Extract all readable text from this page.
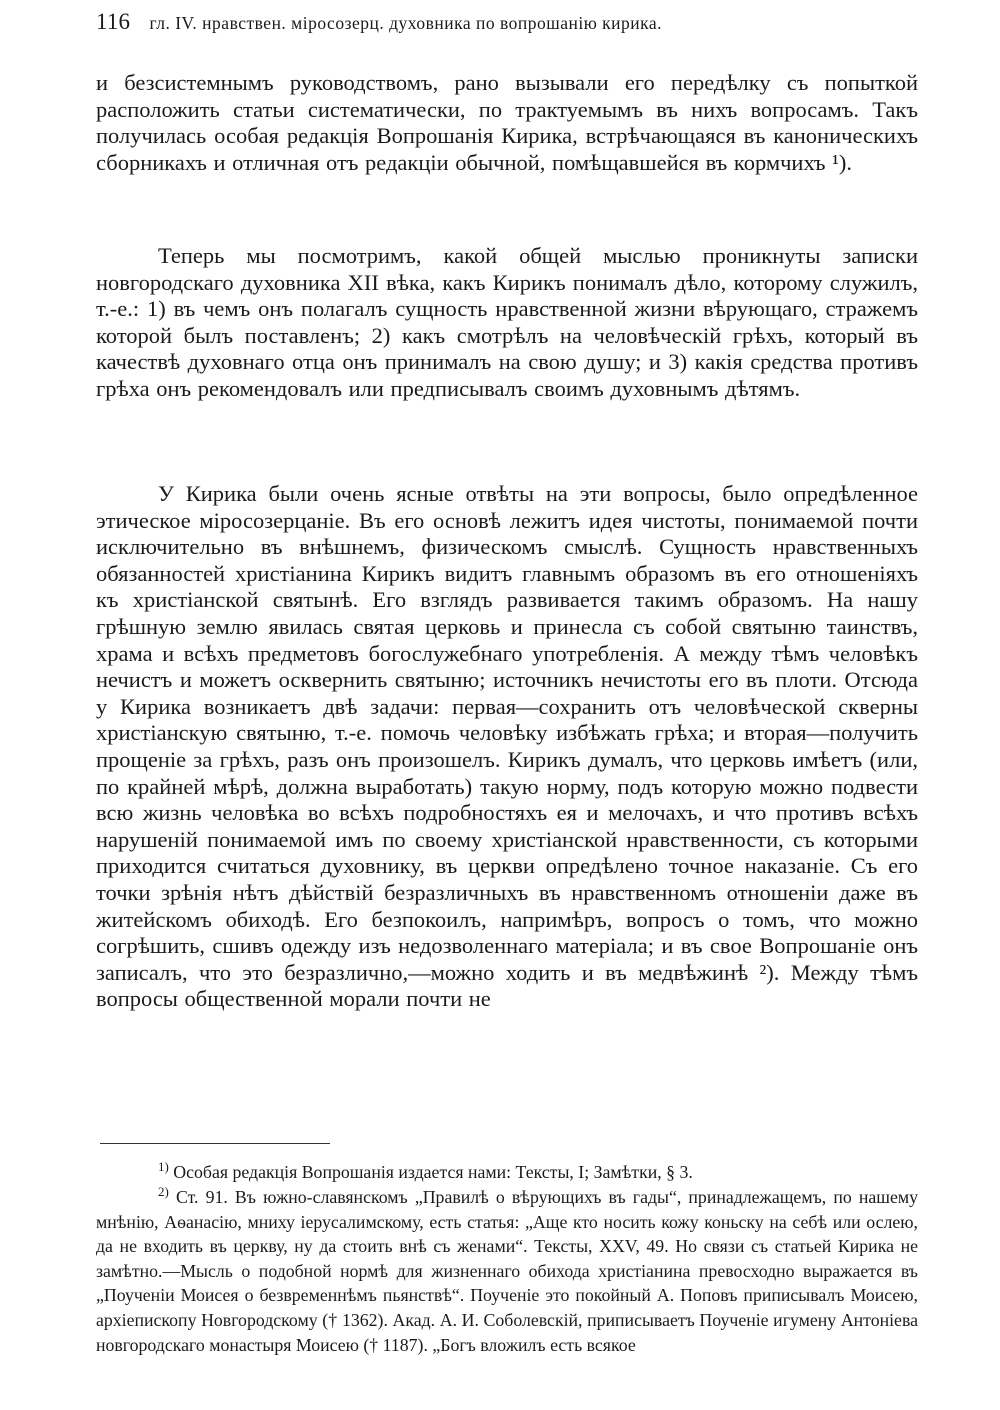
116 гл. IV. нравствен. міросозерц. духовника по вопрошанію кирика.
и безсистемнымъ руководствомъ, рано вызывали его передѣлку съ попыткой расположить статьи систематически, по трактуемымъ въ нихъ вопросамъ. Такъ получилась особая редакція Вопрошанія Кирика, встрѣчающаяся въ каноническихъ сборникахъ и отличная отъ редакціи обычной, помѣщавшейся въ кормчихъ ¹).
Теперь мы посмотримъ, какой общей мыслью проникнуты записки новгородскаго духовника XII вѣка, какъ Кирикъ понималъ дѣло, которому служилъ, т.-е.: 1) въ чемъ онъ полагалъ сущность нравственной жизни вѣрующаго, стражемъ которой былъ поставленъ; 2) какъ смотрѣлъ на человѣческій грѣхъ, который въ качествѣ духовнаго отца онъ принималъ на свою душу; и 3) какія средства противъ грѣха онъ рекомендовалъ или предписывалъ своимъ духовнымъ дѣтямъ.
У Кирика были очень ясные отвѣты на эти вопросы, было опредѣленное этическое міросозерцаніе. Въ его основѣ лежитъ идея чистоты, понимаемой почти исключительно въ внѣшнемъ, физическомъ смыслѣ. Сущность нравственныхъ обязанностей христіанина Кирикъ видитъ главнымъ образомъ въ его отношеніяхъ къ христіанской святынѣ. Его взглядъ развивается такимъ образомъ. На нашу грѣшную землю явилась святая церковь и принесла съ собой святыню таинствъ, храма и всѣхъ предметовъ богослужебнаго употребленія. А между тѣмъ человѣкъ нечистъ и можетъ осквернить святыню; источникъ нечистоты его въ плоти. Отсюда у Кирика возникаетъ двѣ задачи: первая—сохранить отъ человѣческой скверны христіанскую святыню, т.-е. помочь человѣку избѣжать грѣха; и вторая—получить прощеніе за грѣхъ, разъ онъ произошелъ. Кирикъ думалъ, что церковь имѣетъ (или, по крайней мѣрѣ, должна выработать) такую норму, подъ которую можно подвести всю жизнь человѣка во всѣхъ подробностяхъ ея и мелочахъ, и что противъ всѣхъ нарушеній понимаемой имъ по своему христіанской нравственности, съ которыми приходится считаться духовнику, въ церкви опредѣлено точное наказаніе. Съ его точки зрѣнія нѣтъ дѣйствій безразличныхъ въ нравственномъ отношеніи даже въ житейскомъ обиходѣ. Его безпокоилъ, напримѣръ, вопросъ о томъ, что можно согрѣшить, сшивъ одежду изъ недозволеннаго матеріала; и въ свое Вопрошаніе онъ записалъ, что это безразлично,—можно ходить и въ медвѣжинѣ ²). Между тѣмъ вопросы общественной морали почти не
$^{1)}$ Особая редакція Вопрошанія издается нами: Тексты, I; Замѣтки, § 3.
$^{2)}$ Ст. 91. Въ южно-славянскомъ „Правилѣ о вѣрующихъ въ гады“, принадлежащемъ, по нашему мнѣнію, Аѳанасію, мниху іерусалимскому, есть статья: „Аще кто носить кожу коньску на себѣ или ослею, да не входить въ церкву, ну да стоить внѣ съ женами“. Тексты, XXV, 49. Но связи съ статьей Кирика не замѣтно.—Мысль о подобной нормѣ для жизненнаго обихода христіанина превосходно выражается въ „Поученіи Моисея о безвременнѣмъ пьянствѣ“. Поученіе это покойный А. Поповъ приписывалъ Моисею, архіепископу Новгородскому († 1362). Акад. А. И. Соболевскій, приписываетъ Поученіе игумену Антоніева новгородскаго монастыря Моисею († 1187). „Богъ вложилъ есть всякое
